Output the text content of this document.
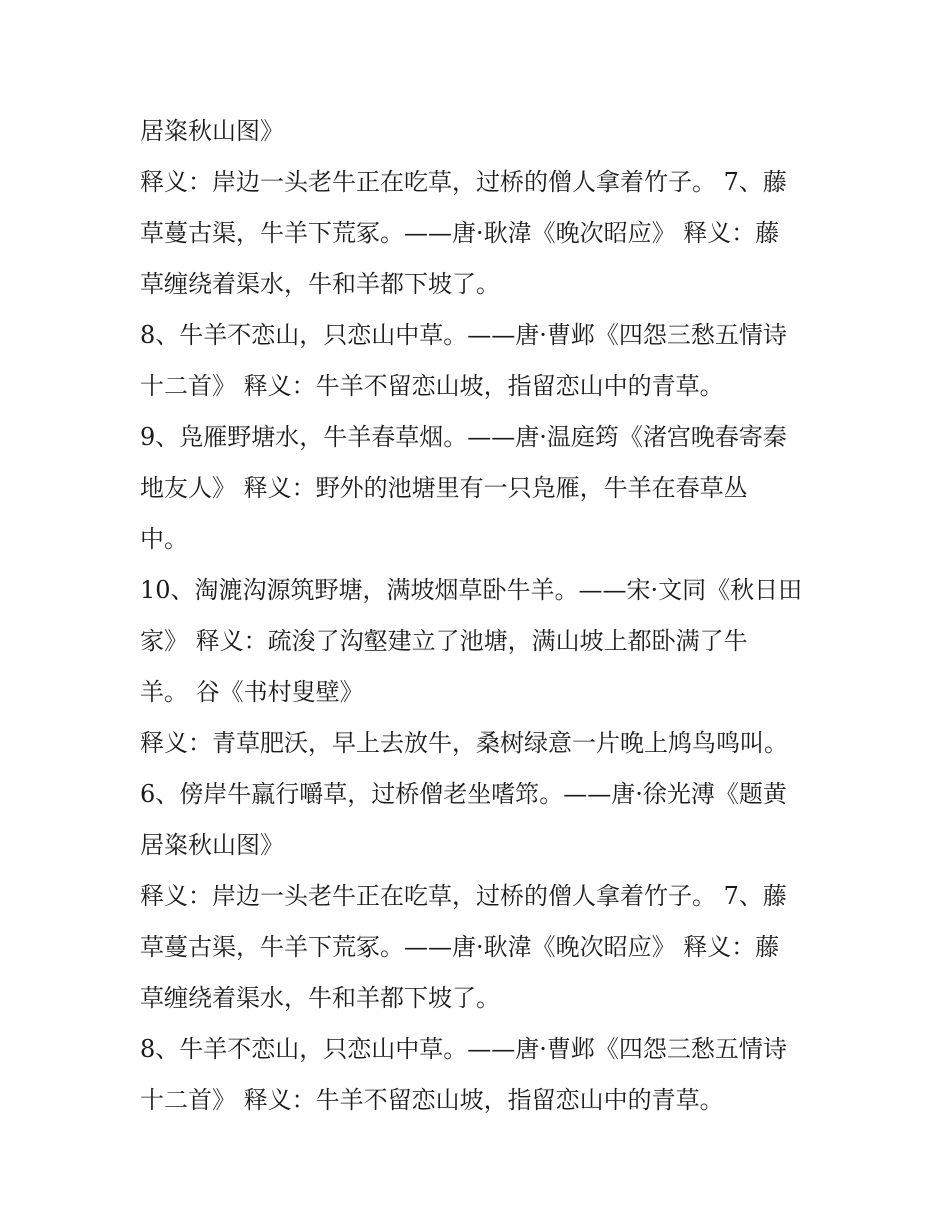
居粢秋山图》
释义：岸边一头老牛正在吃草，过桥的僧人拿着竹子。 7、藤
草蔓古渠，牛羊下荒冢。——唐·耿湋《晚次昭应》 释义：藤
草缠绕着渠水，牛和羊都下坡了。
8、牛羊不恋山，只恋山中草。——唐·曹邺《四怨三愁五情诗
十二首》 释义：牛羊不留恋山坡，指留恋山中的青草。
9、凫雁野塘水，牛羊春草烟。——唐·温庭筠《渚宫晚春寄秦
地友人》 释义：野外的池塘里有一只凫雁，牛羊在春草丛
中。
10、淘漉沟源筑野塘，满坡烟草卧牛羊。——宋·文同《秋日田
家》 释义：疏浚了沟壑建立了池塘，满山坡上都卧满了牛
羊。 谷《书村叟壁》
释义：青草肥沃，早上去放牛，桑树绿意一片晚上鸠鸟鸣叫。
6、傍岸牛羸行嚼草，过桥僧老坐嗜筇。——唐·徐光溥《题黄
居粢秋山图》
释义：岸边一头老牛正在吃草，过桥的僧人拿着竹子。 7、藤
草蔓古渠，牛羊下荒冢。——唐·耿湋《晚次昭应》 释义：藤
草缠绕着渠水，牛和羊都下坡了。
8、牛羊不恋山，只恋山中草。——唐·曹邺《四怨三愁五情诗
十二首》 释义：牛羊不留恋山坡，指留恋山中的青草。
